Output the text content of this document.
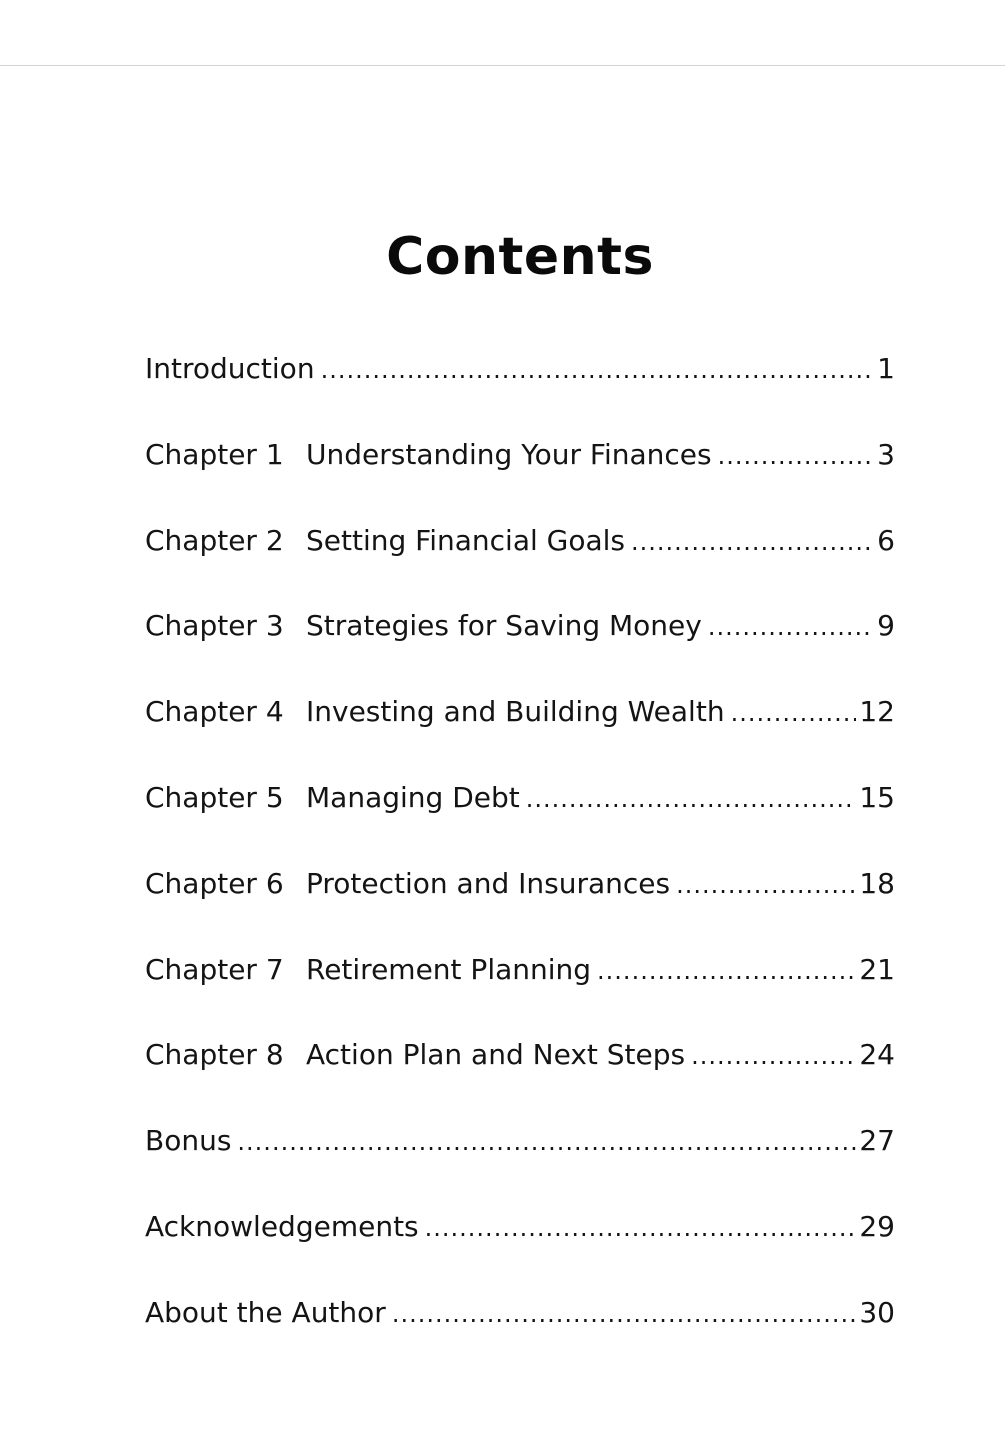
Contents
Introduction .....	1
Chapter 1 Understanding Your Finances .....	3
Chapter 2 Setting Financial Goals .....	6
Chapter 3 Strategies for Saving Money .....	9
Chapter 4 Investing and Building Wealth .....	12
Chapter 5 Managing Debt .....	15
Chapter 6 Protection and Insurances .....	18
Chapter 7 Retirement Planning .....	21
Chapter 8 Action Plan and Next Steps .....	24
Bonus .....	27
Acknowledgements .....	29
About the Author .....	30
